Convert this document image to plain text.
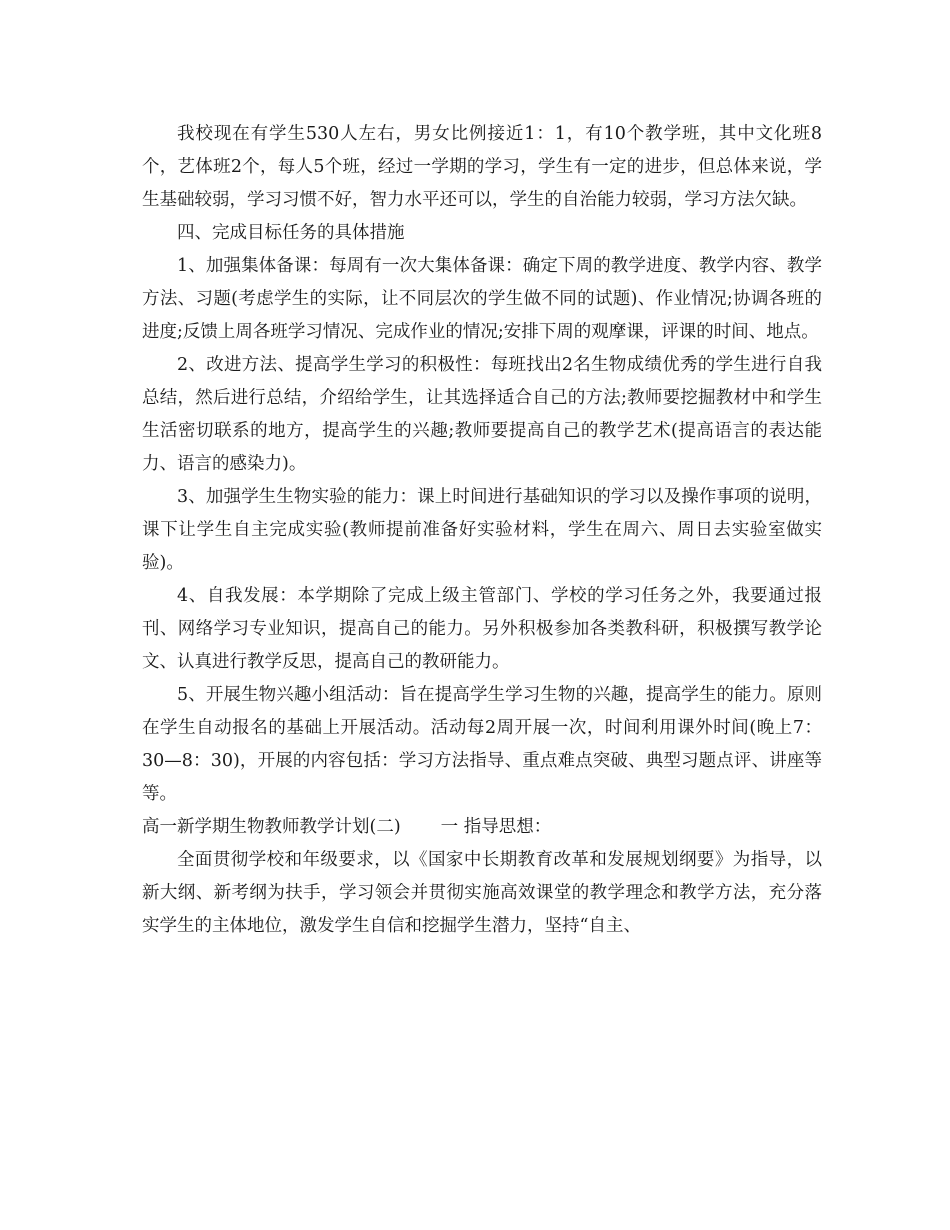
我校现在有学生530人左右，男女比例接近1：1，有10个教学班，其中文化班8个，艺体班2个，每人5个班，经过一学期的学习，学生有一定的进步，但总体来说，学生基础较弱，学习习惯不好，智力水平还可以，学生的自治能力较弱，学习方法欠缺。

四、完成目标任务的具体措施

1、加强集体备课：每周有一次大集体备课：确定下周的教学进度、教学内容、教学方法、习题(考虑学生的实际，让不同层次的学生做不同的试题)、作业情况;协调各班的进度;反馈上周各班学习情况、完成作业的情况;安排下周的观摩课，评课的时间、地点。

2、改进方法、提高学生学习的积极性：每班找出2名生物成绩优秀的学生进行自我总结，然后进行总结，介绍给学生，让其选择适合自己的方法;教师要挖掘教材中和学生生活密切联系的地方，提高学生的兴趣;教师要提高自己的教学艺术(提高语言的表达能力、语言的感染力)。

3、加强学生生物实验的能力：课上时间进行基础知识的学习以及操作事项的说明，课下让学生自主完成实验(教师提前准备好实验材料，学生在周六、周日去实验室做实验)。

4、自我发展：本学期除了完成上级主管部门、学校的学习任务之外，我要通过报刊、网络学习专业知识，提高自己的能力。另外积极参加各类教科研，积极撰写教学论文、认真进行教学反思，提高自己的教研能力。

5、开展生物兴趣小组活动：旨在提高学生学习生物的兴趣，提高学生的能力。原则在学生自动报名的基础上开展活动。活动每2周开展一次，时间利用课外时间(晚上7：30—8：30)，开展的内容包括：学习方法指导、重点难点突破、典型习题点评、讲座等等。

高一新学期生物教师教学计划(二) 一 指导思想：

全面贯彻学校和年级要求，以《国家中长期教育改革和发展规划纲要》为指导，以新大纲、新考纲为扶手，学习领会并贯彻实施高效课堂的教学理念和教学方法，充分落实学生的主体地位，激发学生自信和挖掘学生潜力，坚持“自主、
